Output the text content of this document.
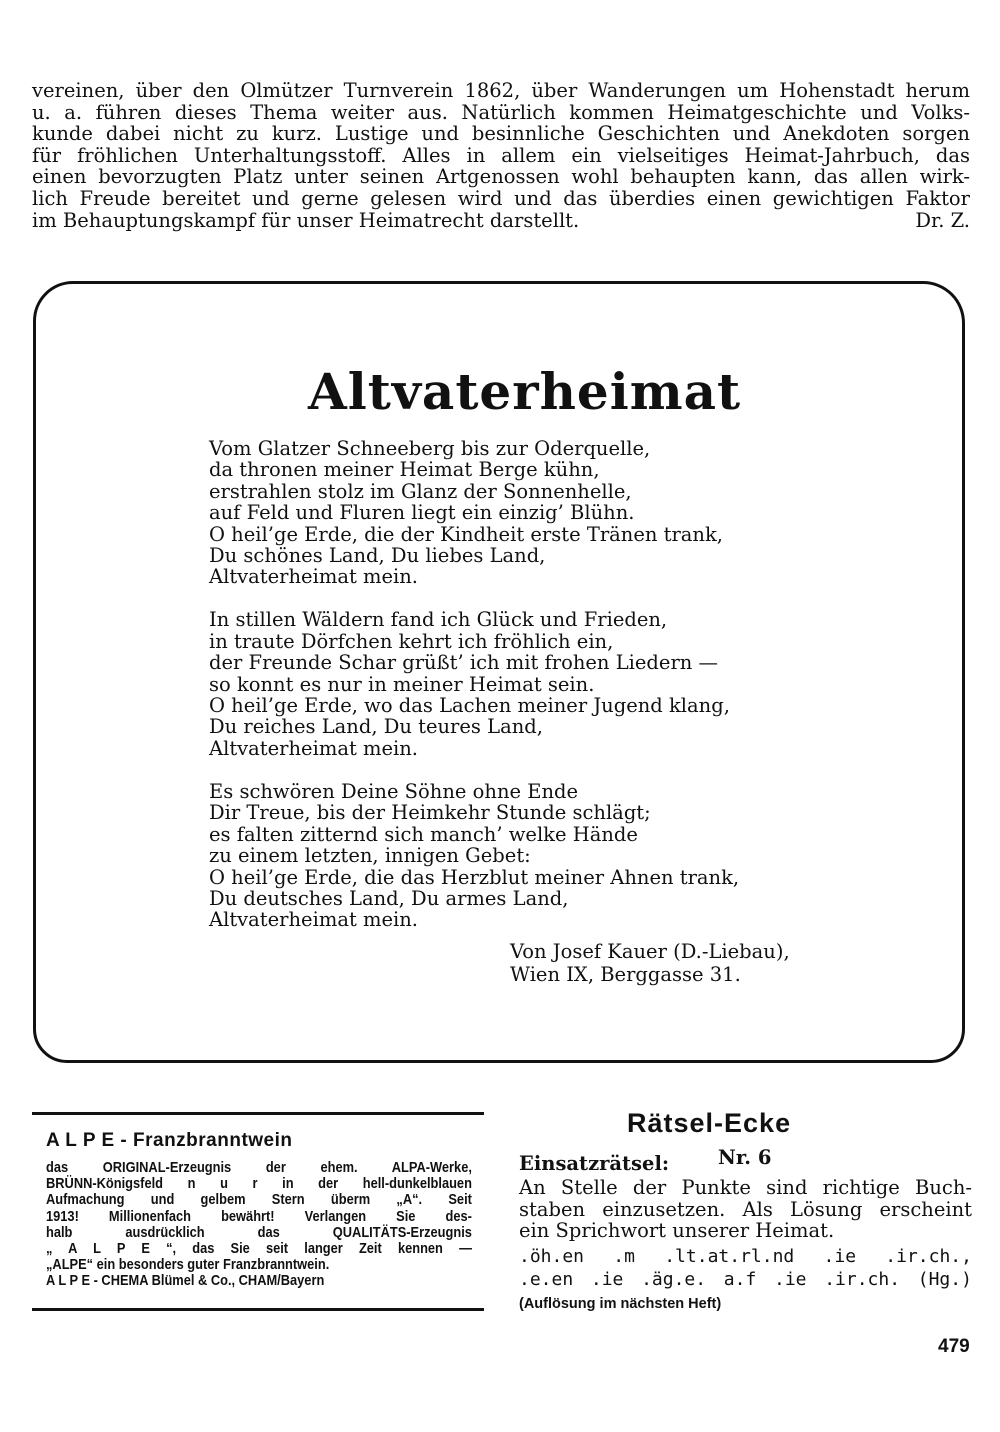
vereinen, über den Olmützer Turnverein 1862, über Wanderungen um Hohenstadt herum
u. a. führen dieses Thema weiter aus. Natürlich kommen Heimatgeschichte und Volks-
kunde dabei nicht zu kurz. Lustige und besinnliche Geschichten und Anekdoten sorgen
für fröhlichen Unterhaltungsstoff. Alles in allem ein vielseitiges Heimat-Jahrbuch, das
einen bevorzugten Platz unter seinen Artgenossen wohl behaupten kann, das allen wirk-
lich Freude bereitet und gerne gelesen wird und das überdies einen gewichtigen Faktor
im Behauptungskampf für unser Heimatrecht darstellt.	Dr. Z.
Altvaterheimat
Vom Glatzer Schneeberg bis zur Oderquelle,
da thronen meiner Heimat Berge kühn,
erstrahlen stolz im Glanz der Sonnenhelle,
auf Feld und Fluren liegt ein einzig’ Blühn.
O heil’ge Erde, die der Kindheit erste Tränen trank,
Du schönes Land, Du liebes Land,
Altvaterheimat mein.
In stillen Wäldern fand ich Glück und Frieden,
in traute Dörfchen kehrt ich fröhlich ein,
der Freunde Schar grüßt’ ich mit frohen Liedern —
so konnt es nur in meiner Heimat sein.
O heil’ge Erde, wo das Lachen meiner Jugend klang,
Du reiches Land, Du teures Land,
Altvaterheimat mein.
Es schwören Deine Söhne ohne Ende
Dir Treue, bis der Heimkehr Stunde schlägt;
es falten zitternd sich manch’ welke Hände
zu einem letzten, innigen Gebet:
O heil’ge Erde, die das Herzblut meiner Ahnen trank,
Du deutsches Land, Du armes Land,
Altvaterheimat mein.
Von Josef Kauer (D.-Liebau),
Wien IX, Berggasse 31.
A L P E - Franzbranntwein
das ORIGINAL-Erzeugnis der ehem. ALPA-Werke,
BRÜNN-Königsfeld n u r in der hell-dunkelblauen
Aufmachung und gelbem Stern überm „A“. Seit
1913! Millionenfach bewährt! Verlangen Sie des-
halb ausdrücklich das QUALITÄTS-Erzeugnis
„ A L P E “, das Sie seit langer Zeit kennen —
„ALPE“ ein besonders guter Franzbranntwein.
A L P E - CHEMA Blümel & Co., CHAM/Bayern
Rätsel-Ecke
Einsatzrätsel:	Nr. 6
An Stelle der Punkte sind richtige Buch-
staben einzusetzen. Als Lösung erscheint
ein Sprichwort unserer Heimat.
.öh.en .m .lt.at.rl.nd .ie .ir.ch.,
.e.en .ie .äg.e. a.f .ie .ir.ch. (Hg.)
(Auflösung im nächsten Heft)
479
